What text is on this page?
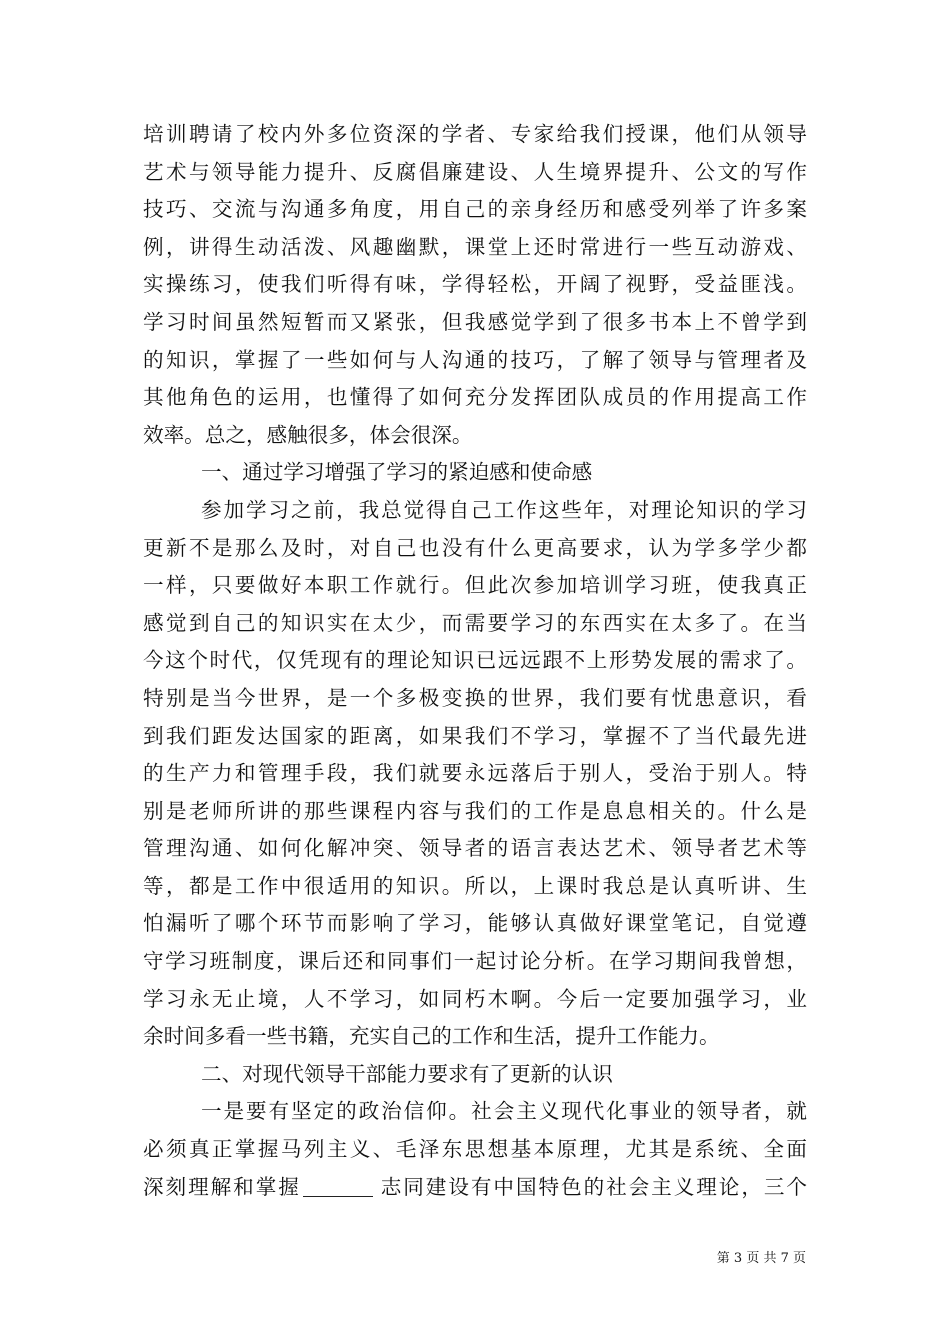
培训聘请了校内外多位资深的学者、专家给我们授课，他们从领导
艺术与领导能力提升、反腐倡廉建设、人生境界提升、公文的写作
技巧、交流与沟通多角度，用自己的亲身经历和感受列举了许多案
例，讲得生动活泼、风趣幽默，课堂上还时常进行一些互动游戏、
实操练习，使我们听得有味，学得轻松，开阔了视野，受益匪浅。
学习时间虽然短暂而又紧张，但我感觉学到了很多书本上不曾学到
的知识，掌握了一些如何与人沟通的技巧，了解了领导与管理者及
其他角色的运用，也懂得了如何充分发挥团队成员的作用提高工作
效率。总之，感触很多，体会很深。
一、通过学习增强了学习的紧迫感和使命感
参加学习之前，我总觉得自己工作这些年，对理论知识的学习
更新不是那么及时，对自己也没有什么更高要求，认为学多学少都
一样，只要做好本职工作就行。但此次参加培训学习班，使我真正
感觉到自己的知识实在太少，而需要学习的东西实在太多了。在当
今这个时代，仅凭现有的理论知识已远远跟不上形势发展的需求了。
特别是当今世界，是一个多极变换的世界，我们要有忧患意识，看
到我们距发达国家的距离，如果我们不学习，掌握不了当代最先进
的生产力和管理手段，我们就要永远落后于别人，受治于别人。特
别是老师所讲的那些课程内容与我们的工作是息息相关的。什么是
管理沟通、如何化解冲突、领导者的语言表达艺术、领导者艺术等
等，都是工作中很适用的知识。所以，上课时我总是认真听讲、生
怕漏听了哪个环节而影响了学习，能够认真做好课堂笔记，自觉遵
守学习班制度，课后还和同事们一起讨论分析。在学习期间我曾想，
学习永无止境，人不学习，如同朽木啊。今后一定要加强学习，业
余时间多看一些书籍，充实自己的工作和生活，提升工作能力。
二、对现代领导干部能力要求有了更新的认识
一是要有坚定的政治信仰。社会主义现代化事业的领导者，就
必须真正掌握马列主义、毛泽东思想基本原理，尤其是系统、全面
深刻理解和掌握	志同建设有中国特色的社会主义理论，三个
第 3 页 共 7 页
